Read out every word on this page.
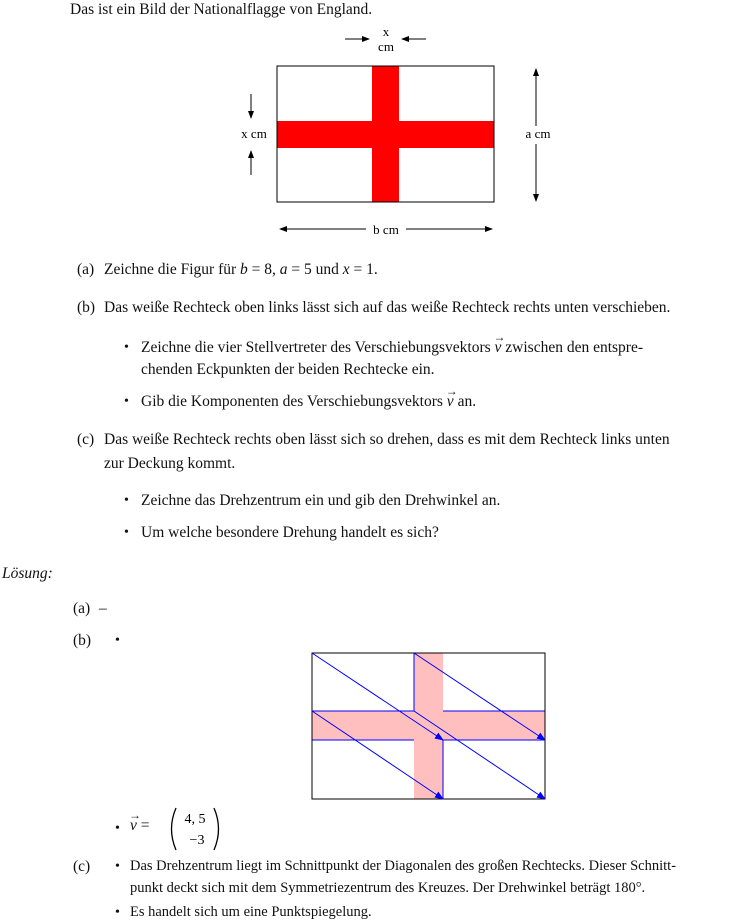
Das ist ein Bild der Nationalflagge von England.
x
cm
x cm	a cm
b cm
(a) Zeichne die Figur für b = 8, a = 5 und x = 1.
(b) Das weiße Rechteck oben links lässt sich auf das weiße Rechteck rechts unten verschieben.
• Zeichne die vier Stellvertreter des Verschiebungsvektors
→
v zwischen den entspre-
chenden Eckpunkten der beiden Rechtecke ein.
• Gib die Komponenten des Verschiebungsvektors
→
v an.
(c) Das weiße Rechteck rechts oben lässt sich so drehen, dass es mit dem Rechteck links unten
zur Deckung kommt.
• Zeichne das Drehzentrum ein und gib den Drehwinkel an.
• Um welche besondere Drehung handelt es sich?
Lösung:
(a) –
(b) •
•
→
v = 4, 5
−3
(c) • Das Drehzentrum liegt im Schnittpunkt der Diagonalen des großen Rechtecks. Dieser Schnitt-
punkt deckt sich mit dem Symmetriezentrum des Kreuzes. Der Drehwinkel beträgt 180°.
• Es handelt sich um eine Punktspiegelung.
